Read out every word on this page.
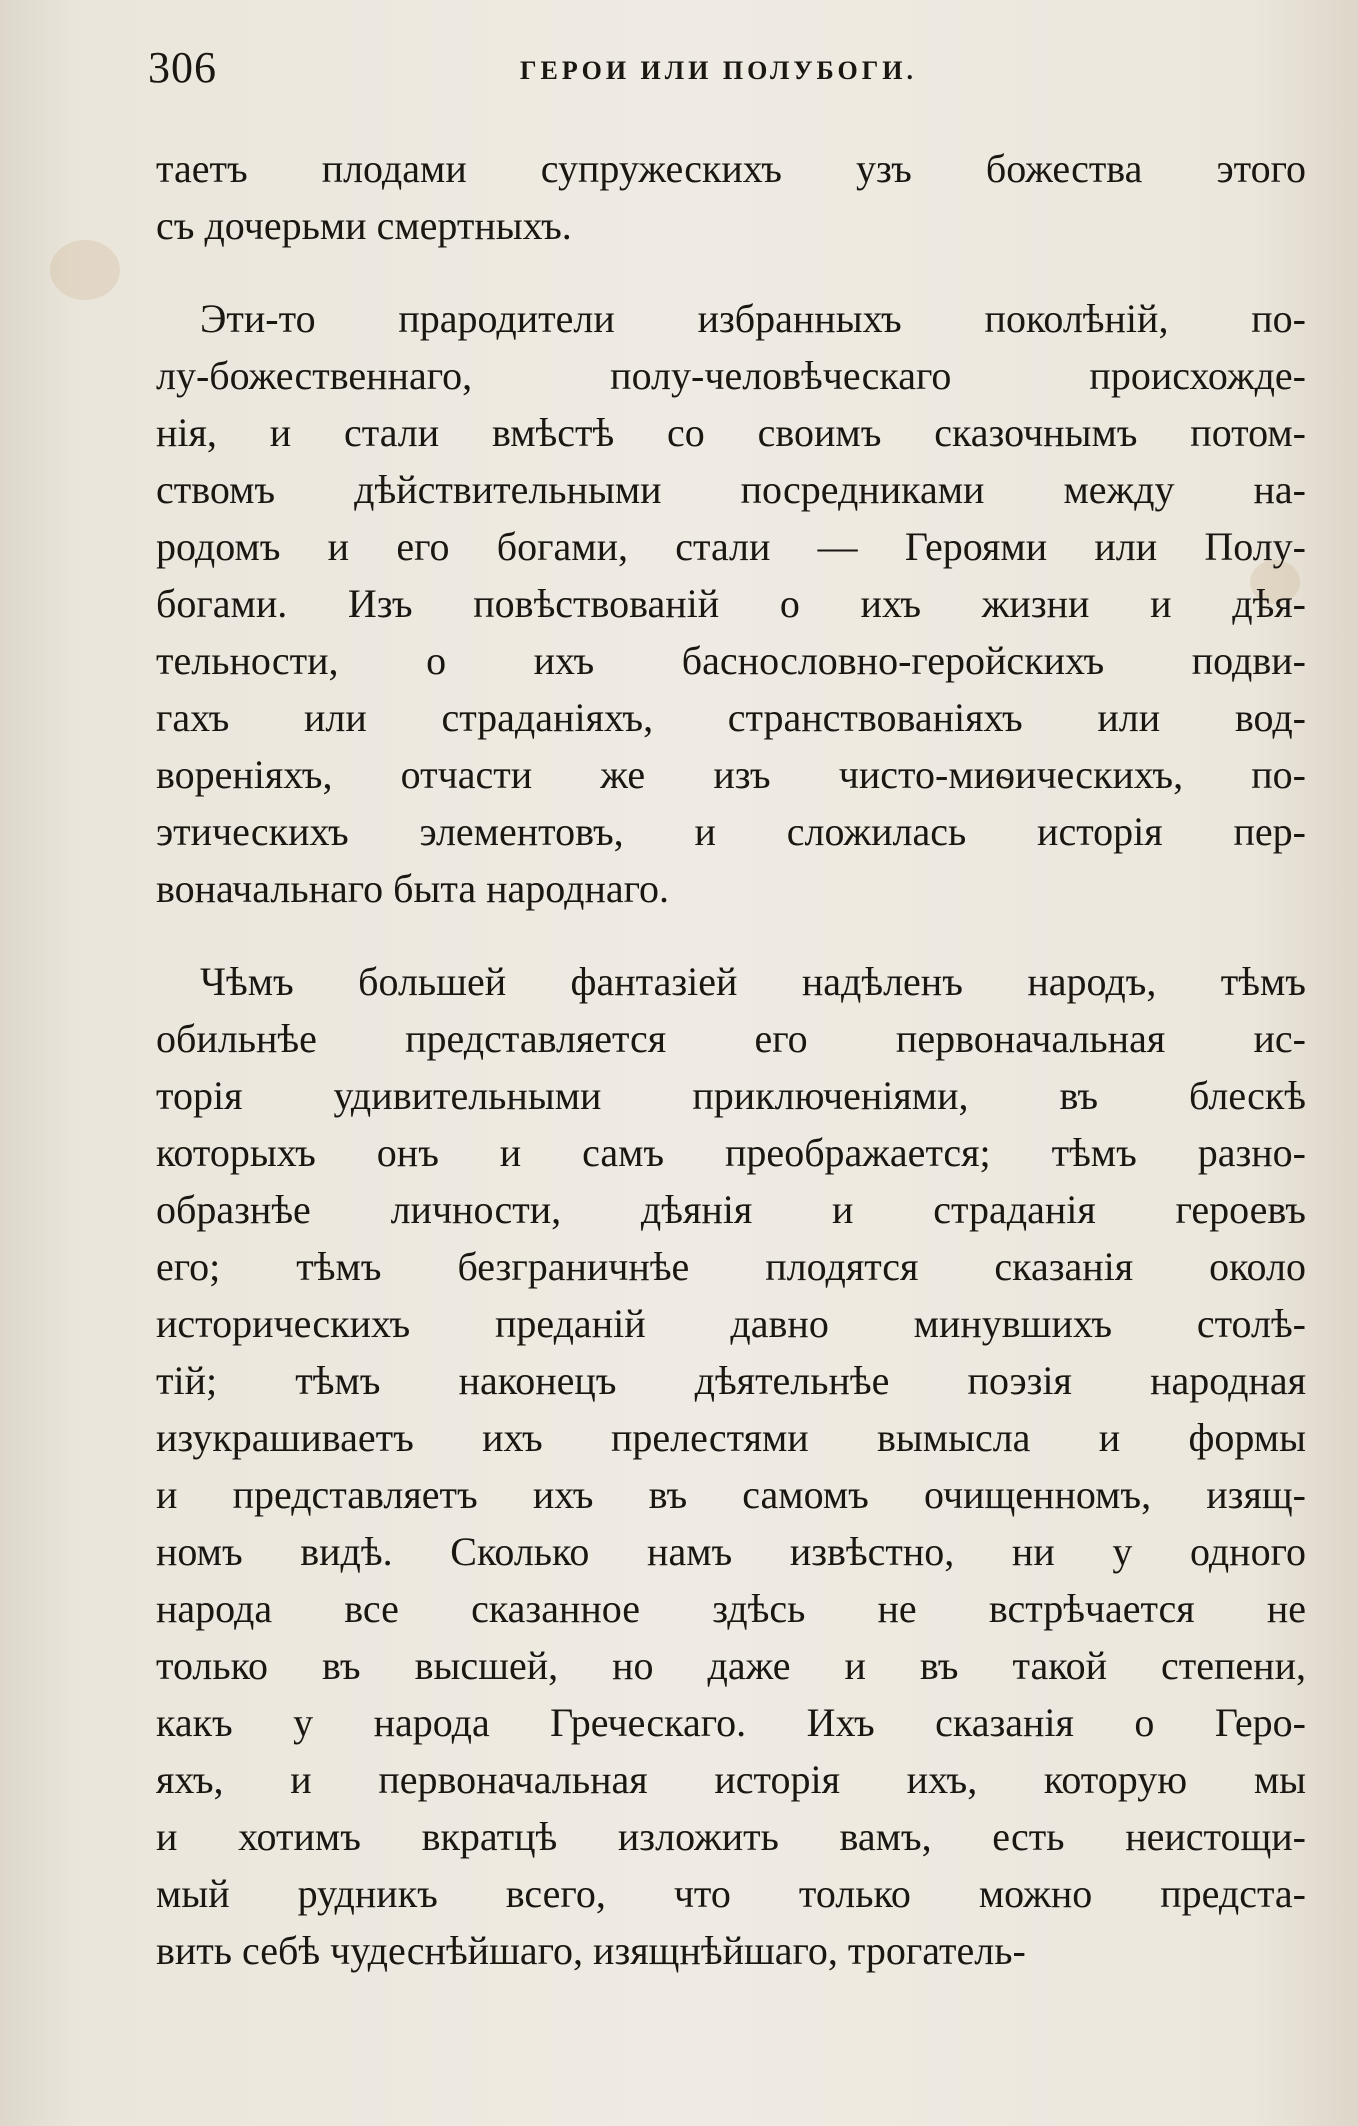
306	ГЕРОИ ИЛИ ПОЛУБОГИ.
таетъ плодами супружескихъ узъ божества этого
съ дочерьми смертныхъ.
Эти-то прародители избранныхъ поколѣній, по-
лу-божественнаго, полу-человѣческаго происхожде-
нія, и стали вмѣстѣ со своимъ сказочнымъ потом-
ствомъ дѣйствительными посредниками между на-
родомъ и его богами, стали — Героями или Полу-
богами. Изъ повѣствованій о ихъ жизни и дѣя-
тельности, о ихъ баснословно-геройскихъ подви-
гахъ или страданіяхъ, странствованіяхъ или вод-
вореніяхъ, отчасти же изъ чисто-миѳическихъ, по-
этическихъ элементовъ, и сложилась исторія пер-
воначальнаго быта народнаго.
Чѣмъ большей фантазіей надѣленъ народъ, тѣмъ
обильнѣе представляется его первоначальная ис-
торія удивительными приключеніями, въ блескѣ
которыхъ онъ и самъ преображается; тѣмъ разно-
образнѣе личности, дѣянія и страданія героевъ
его; тѣмъ безграничнѣе плодятся сказанія около
историческихъ преданій давно минувшихъ столѣ-
тій; тѣмъ наконецъ дѣятельнѣе поэзія народная
изукрашиваетъ ихъ прелестями вымысла и формы
и представляетъ ихъ въ самомъ очищенномъ, изящ-
номъ видѣ. Сколько намъ извѣстно, ни у одного
народа все сказанное здѣсь не встрѣчается не
только въ высшей, но даже и въ такой степени,
какъ у народа Греческаго. Ихъ сказанія о Геро-
яхъ, и первоначальная исторія ихъ, которую мы
и хотимъ вкратцѣ изложить вамъ, есть неистощи-
мый рудникъ всего, что только можно предста-
вить себѣ чудеснѣйшаго, изящнѣйшаго, трогатель-
